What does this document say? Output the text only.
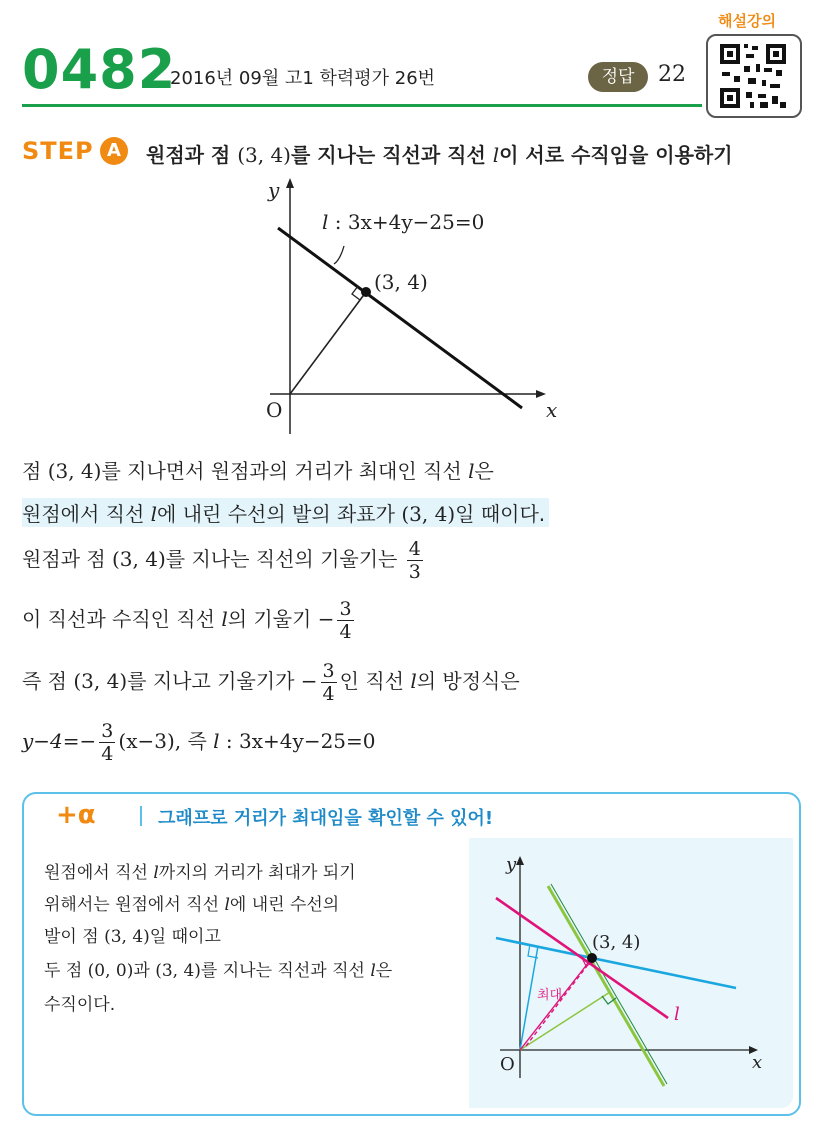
0482
2016년 09월 고1 학력평가 26번	정답	22
해설강의
STEP A	원점과 점 (3, 4)를 지나는 직선과 직선 l이 서로 수직임을 이용하기
y
x
O
l : 3x+4y−25=0
(3, 4)
점 (3, 4)를 지나면서 원점과의 거리가 최대인 직선 l은
원점에서 직선 l에 내린 수선의 발의 좌표가 (3, 4)일 때이다.
원점과 점 (3, 4)를 지나는 직선의 기울기는 $\frac{4}{3}$
이 직선과 수직인 직선 l의 기울기 − $\frac{3}{4}$
즉 점 (3, 4)를 지나고 기울기가 − $\frac{3}{4}$ 인 직선 l의 방정식은
$y-4=- \frac{3}{4} (x-3)$, 즉 l : 3x+4y−25=0
+α	그래프로 거리가 최대임을 확인할 수 있어!
원점에서 직선 l까지의 거리가 최대가 되기
위해서는 원점에서 직선 l에 내린 수선의
발이 점 (3, 4)일 때이고
두 점 (0, 0)과 (3, 4)를 지나는 직선과 직선 l은
수직이다.
y
x
O
(3, 4)
최대
l
